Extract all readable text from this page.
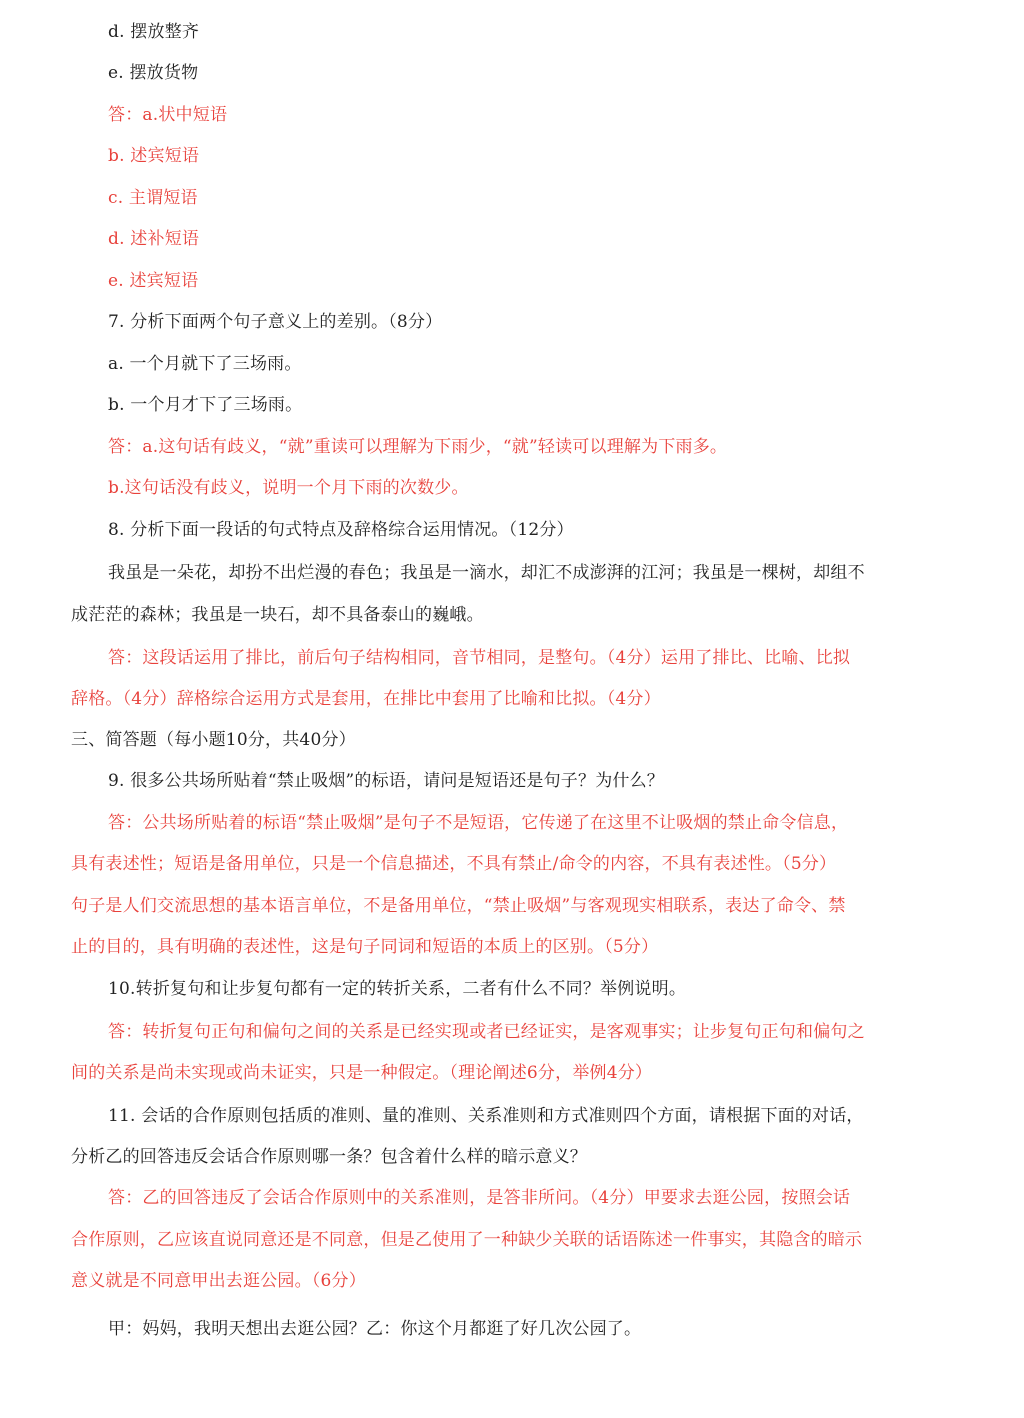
d. 摆放整齐
e. 摆放货物
答：a.状中短语
b. 述宾短语
c. 主谓短语
d. 述补短语
e. 述宾短语
7. 分析下面两个句子意义上的差别。（8分）
a. 一个月就下了三场雨。
b. 一个月才下了三场雨。
答：a.这句话有歧义，“就”重读可以理解为下雨少，“就”轻读可以理解为下雨多。
b.这句话没有歧义，说明一个月下雨的次数少。
8. 分析下面一段话的句式特点及辞格综合运用情况。（12分）
我虽是一朵花，却扮不出烂漫的春色；我虽是一滴水，却汇不成澎湃的江河；我虽是一棵树，却组不
成茫茫的森林；我虽是一块石，却不具备泰山的巍峨。
答：这段话运用了排比，前后句子结构相同，音节相同，是整句。（4分）运用了排比、比喻、比拟
辞格。（4分）辞格综合运用方式是套用，在排比中套用了比喻和比拟。（4分）
三、简答题（每小题10分，共40分）
9. 很多公共场所贴着“禁止吸烟”的标语，请问是短语还是句子？为什么？
答：公共场所贴着的标语“禁止吸烟”是句子不是短语，它传递了在这里不让吸烟的禁止命令信息，
具有表述性；短语是备用单位，只是一个信息描述，不具有禁止/命令的内容，不具有表述性。（5分）
句子是人们交流思想的基本语言单位，不是备用单位，“禁止吸烟”与客观现实相联系，表达了命令、禁
止的目的，具有明确的表述性，这是句子同词和短语的本质上的区别。（5分）
10.转折复句和让步复句都有一定的转折关系，二者有什么不同？举例说明。
答：转折复句正句和偏句之间的关系是已经实现或者已经证实，是客观事实；让步复句正句和偏句之
间的关系是尚未实现或尚未证实，只是一种假定。（理论阐述6分，举例4分）
11. 会话的合作原则包括质的准则、量的准则、关系准则和方式准则四个方面，请根据下面的对话，
分析乙的回答违反会话合作原则哪一条？包含着什么样的暗示意义？
答：乙的回答违反了会话合作原则中的关系准则，是答非所问。（4分）甲要求去逛公园，按照会话
合作原则，乙应该直说同意还是不同意，但是乙使用了一种缺少关联的话语陈述一件事实，其隐含的暗示
意义就是不同意甲出去逛公园。（6分）
甲：妈妈，我明天想出去逛公园？乙：你这个月都逛了好几次公园了。
